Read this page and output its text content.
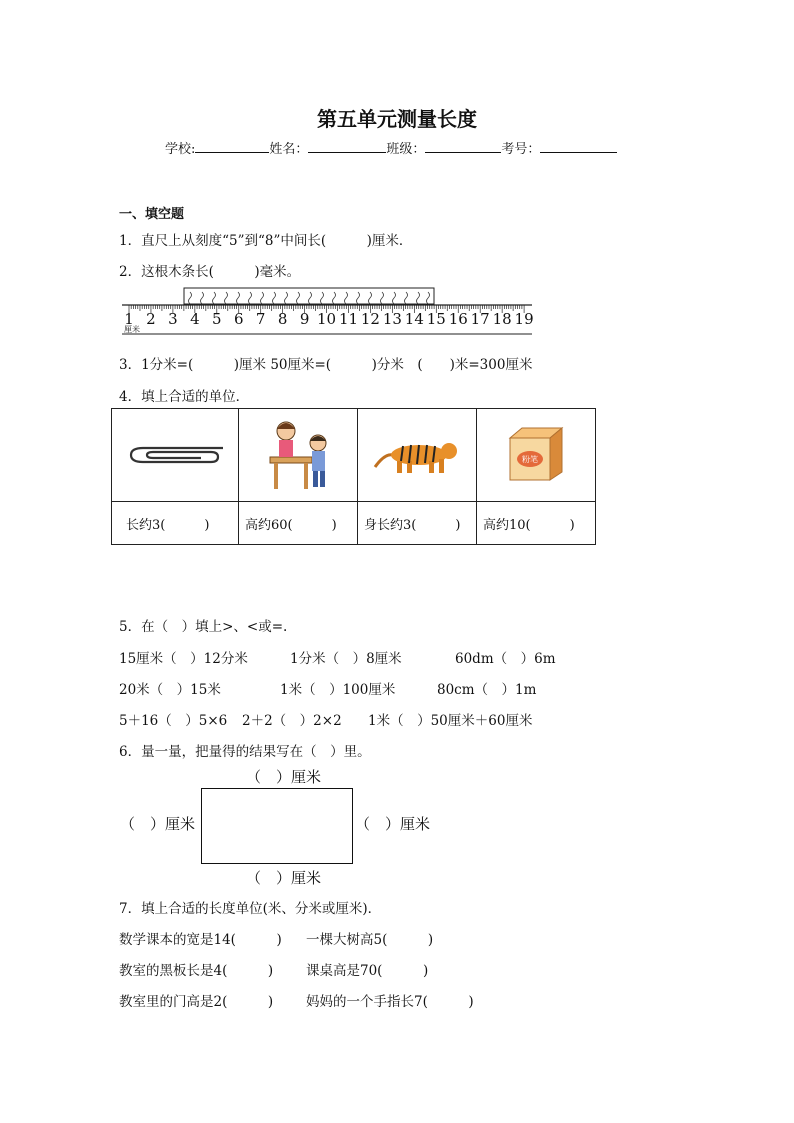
第五单元测量长度
学校:	姓名：	班级：	考号：
一、填空题
1．直尺上从刻度“5”到“8”中间长(　　　)厘米．
2．这根木条长(　　　)毫米。
1 2 3 4 5 6 7 8 9 10 11 12 13 14 15 16 17 18 19
厘米
3．1分米=(　　　)厘米 50厘米=(　　　)分米　(　　)米=300厘米
4．填上合适的单位．

粉笔

长约3(　　　)	高约60(　　　)	身长约3(　　　)	高约10(　　　)
5．在（　）填上>、<或=.
15厘米（　）12分米	1分米（　）8厘米	60dm（　）6m
20米（　）15米	1米（　）100厘米	80cm（　）1m
5＋16（　）5×6 2＋2（　）2×2 1米（　）50厘米＋60厘米
6．量一量，把量得的结果写在（　）里。
（　）厘米
（　）厘米	（　）厘米
（　）厘米
7．填上合适的长度单位(米、分米或厘米)．
数学课本的宽是14(　　　) 一棵大树高5(　　　)
教室的黑板长是4(　　　) 课桌高是70(　　　)
教室里的门高是2(　　　) 妈妈的一个手指长7(　　　)
